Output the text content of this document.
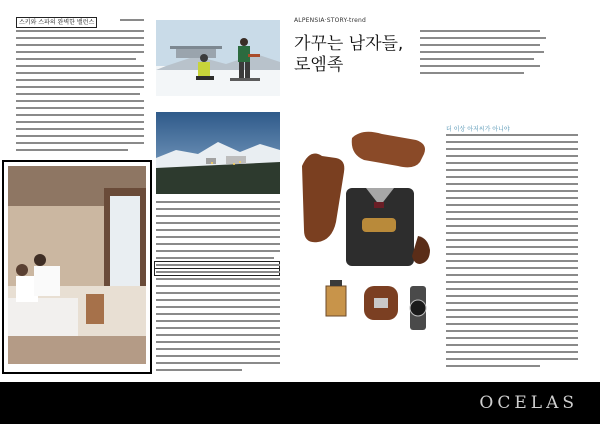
스키와 스파의 완벽한 밸런스	ALPENSIA·STORY-trend
가꾸는 남자들,
로엠족
더 이상 아저씨가 아니야
OCELAS
